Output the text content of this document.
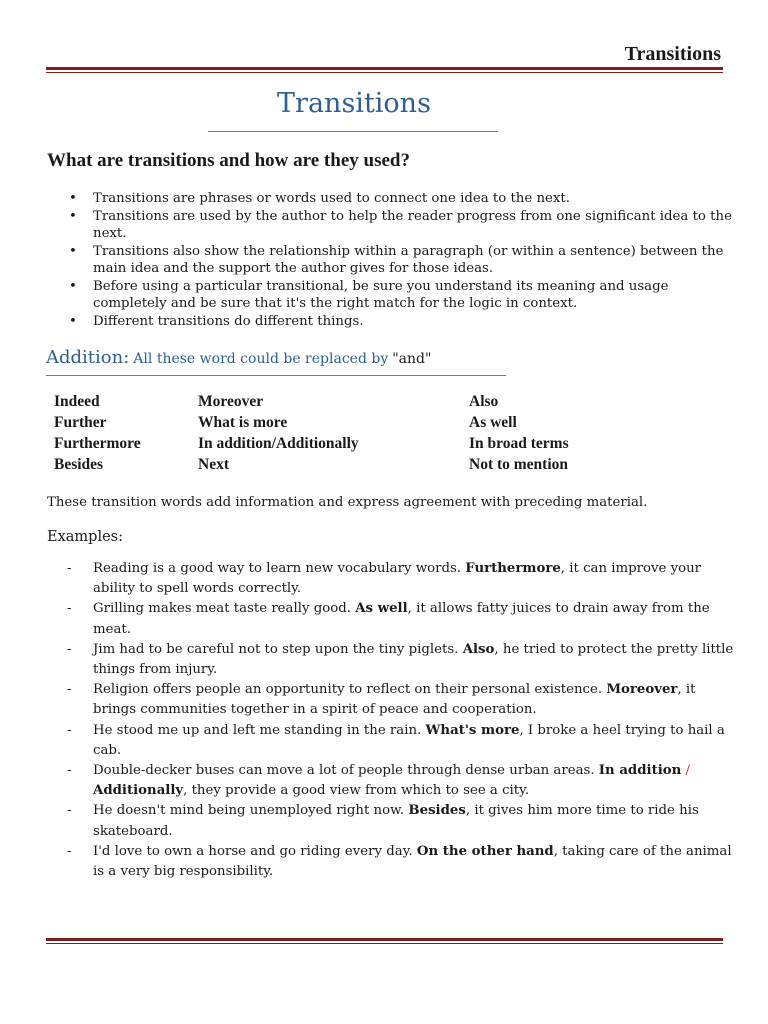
Transitions
Transitions
What are transitions and how are they used?
• Transitions are phrases or words used to connect one idea to the next.
• Transitions are used by the author to help the reader progress from one significant idea to the next.
• Transitions also show the relationship within a paragraph (or within a sentence) between the main idea and the support the author gives for those ideas.
• Before using a particular transitional, be sure you understand its meaning and usage completely and be sure that it's the right match for the logic in context.
• Different transitions do different things.
Addition: All these word could be replaced by "and"
Indeed	Moreover	Also
Further	What is more	As well
Furthermore	In addition/Additionally	In broad terms
Besides	Next	Not to mention
These transition words add information and express agreement with preceding material.
Examples:
- Reading is a good way to learn new vocabulary words. Furthermore, it can improve your ability to spell words correctly.
- Grilling makes meat taste really good. As well, it allows fatty juices to drain away from the meat.
- Jim had to be careful not to step upon the tiny piglets. Also, he tried to protect the pretty little things from injury.
- Religion offers people an opportunity to reflect on their personal existence. Moreover, it brings communities together in a spirit of peace and cooperation.
- He stood me up and left me standing in the rain. What's more, I broke a heel trying to hail a cab.
- Double-decker buses can move a lot of people through dense urban areas. In addition / Additionally, they provide a good view from which to see a city.
- He doesn't mind being unemployed right now. Besides, it gives him more time to ride his skateboard.
- I'd love to own a horse and go riding every day. On the other hand, taking care of the animal is a very big responsibility.
